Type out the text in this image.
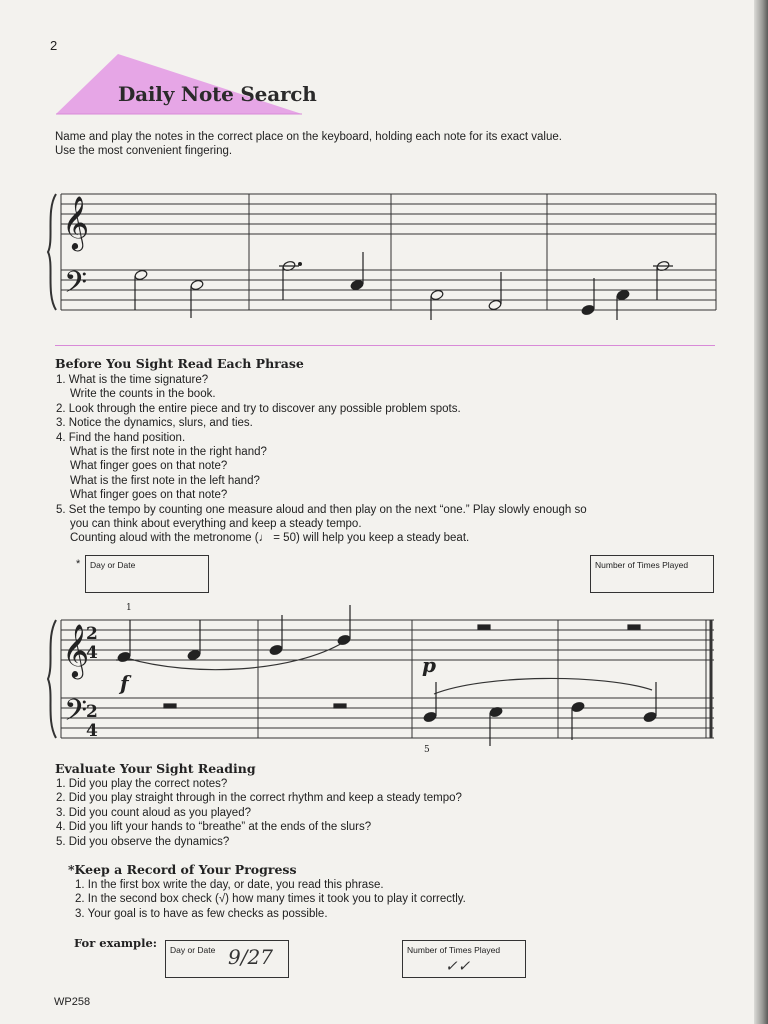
2
Daily Note Search
Name and play the notes in the correct place on the keyboard, holding each note for its exact value.
Use the most convenient fingering.
𝄞
𝄢
Before You Sight Read Each Phrase
1. What is the time signature?
Write the counts in the book.
2. Look through the entire piece and try to discover any possible problem spots.
3. Notice the dynamics, slurs, and ties.
4. Find the hand position.
What is the first note in the right hand?
What finger goes on that note?
What is the first note in the left hand?
What finger goes on that note?
5. Set the tempo by counting one measure aloud and then play on the next “one.” Play slowly enough so
you can think about everything and keep a steady tempo.
Counting aloud with the metronome (♩ = 50) will help you keep a steady beat.
* Day or Date	Number of Times Played
𝄞
𝄢
2
4
2
4
1
5
f
p
Evaluate Your Sight Reading
1. Did you play the correct notes?
2. Did you play straight through in the correct rhythm and keep a steady tempo?
3. Did you count aloud as you played?
4. Did you lift your hands to “breathe” at the ends of the slurs?
5. Did you observe the dynamics?
*Keep a Record of Your Progress
1. In the first box write the day, or date, you read this phrase.
2. In the second box check (√) how many times it took you to play it correctly.
3. Your goal is to have as few checks as possible.
For example: Day or Date 9/27	Number of Times Played
✓✓
WP258
